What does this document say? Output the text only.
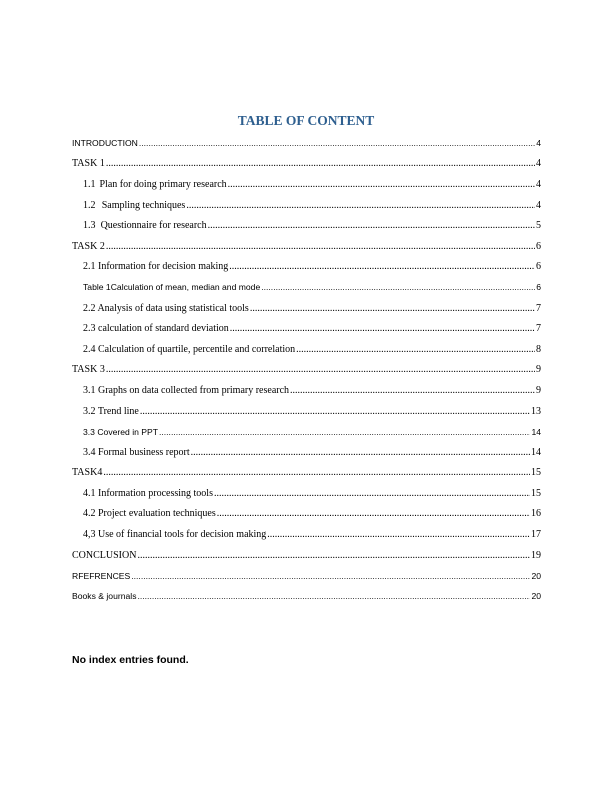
TABLE OF CONTENT
INTRODUCTION .....	4
TASK 1 .....	4
1.1 Plan for doing primary research .....	4
1.2 Sampling techniques .....	4
1.3 Questionnaire for research .....	5
TASK 2 .....	6
2.1 Information for decision making .....	6
Table 1Calculation of mean, median and mode .....	6
2.2 Analysis of data using statistical tools .....	7
2.3 calculation of standard deviation .....	7
2.4 Calculation of quartile, percentile and correlation .....	8
TASK 3 .....	9
3.1 Graphs on data collected from primary research .....	9
3.2 Trend line .....	13
3.3 Covered in PPT .....	14
3.4 Formal business report .....	14
TASK4 .....	15
4.1 Information processing tools .....	15
4.2 Project evaluation techniques .....	16
4,3 Use of financial tools for decision making .....	17
CONCLUSION .....	19
RFEFRENCES .....	20
Books & journals .....	20

No index entries found.
